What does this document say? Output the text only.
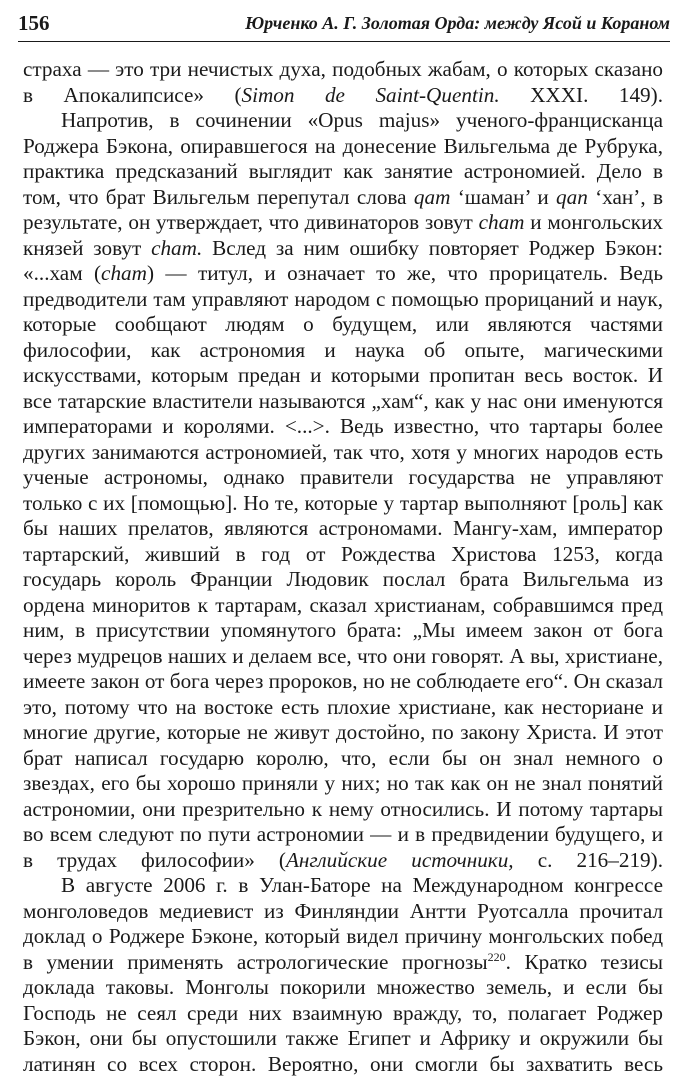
156	Юрченко А. Г. Золотая Орда: между Ясой и Кораном

страха — это три нечистых духа, подобных жабам, о которых сказано в Апокалипсисе» (Simon de Saint-Quentin. XXXI. 149).

Напротив, в сочинении «Opus majus» ученого-францисканца Роджера Бэкона, опиравшегося на донесение Вильгельма де Рубрука, практика предсказаний выглядит как занятие астрономией. Дело в том, что брат Вильгельм перепутал слова qam ‘шаман’ и qan ‘хан’, в результате, он утверждает, что дивинаторов зовут chаm и монгольских князей зовут cham. Вслед за ним ошибку повторяет Роджер Бэкон: «...хам (cham) — титул, и означает то же, что прорицатель. Ведь предводители там управляют народом с помощью прорицаний и наук, которые сообщают людям о будущем, или являются частями философии, как астрономия и наука об опыте, магическими искусствами, которым предан и которыми пропитан весь восток. И все татарские властители называются „хам“, как у нас они именуются императорами и королями. <...>. Ведь известно, что тартары более других занимаются астрономией, так что, хотя у многих народов есть ученые астрономы, однако правители государства не управляют только с их [помощью]. Но те, которые у тартар выполняют [роль] как бы наших прелатов, являются астрономами. Мангу-хам, император тартарский, живший в год от Рождества Христова 1253, когда государь король Франции Людовик послал брата Вильгельма из ордена миноритов к тартарам, сказал христианам, собравшимся пред ним, в присутствии упомянутого брата: „Мы имеем закон от бога через мудрецов наших и делаем все, что они говорят. А вы, христиане, имеете закон от бога через пророков, но не соблюдаете его“. Он сказал это, потому что на востоке есть плохие христиане, как несториане и многие другие, которые не живут достойно, по закону Христа. И этот брат написал государю королю, что, если бы он знал немного о звездах, его бы хорошо приняли у них; но так как он не знал понятий астрономии, они презрительно к нему относились. И потому тартары во всем следуют по пути астрономии — и в предвидении будущего, и в трудах философии» (Английские источники, с. 216–219).

В августе 2006 г. в Улан-Баторе на Международном конгрессе монголоведов медиевист из Финляндии Антти Руотсалла прочитал доклад о Роджере Бэконе, который видел причину монгольских побед в умении применять астрологические прогнозы$^{220}$. Кратко тезисы доклада таковы. Монголы покорили множество земель, и если бы Господь не сеял среди них взаимную вражду, то, полагает Роджер Бэкон, они бы опустошили также Египет и Африку и окружили бы латинян со всех сторон. Вероятно, они смогли бы захватить весь
